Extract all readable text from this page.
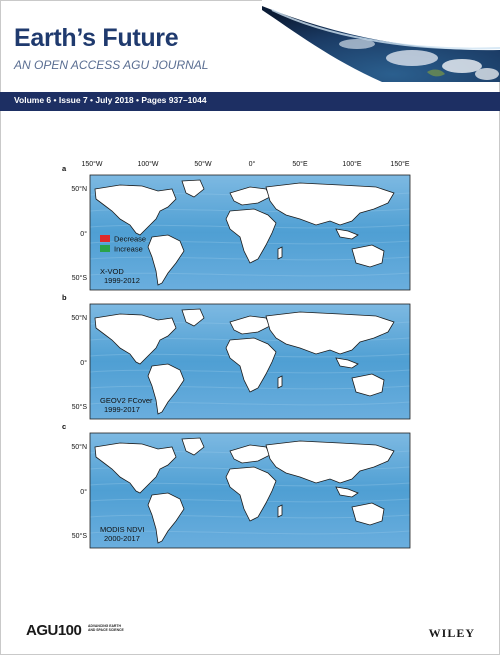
Earth’s Future
AN OPEN ACCESS AGU JOURNAL
Volume 6 • Issue 7 • July 2018 • Pages 937–1044
150°W	100°W	50°W	0°	50°E	100°E	150°E
a
50°N
0°
50°S
X-VOD
1999-2012
Decrease
Increase
b
50°N
0°
50°S
GEOV2 FCover
1999-2017
c
50°N
0°
50°S
MODIS NDVI
2000-2017
AGU100 ADVANCING EARTH AND SPACE SCIENCE	WILEY
